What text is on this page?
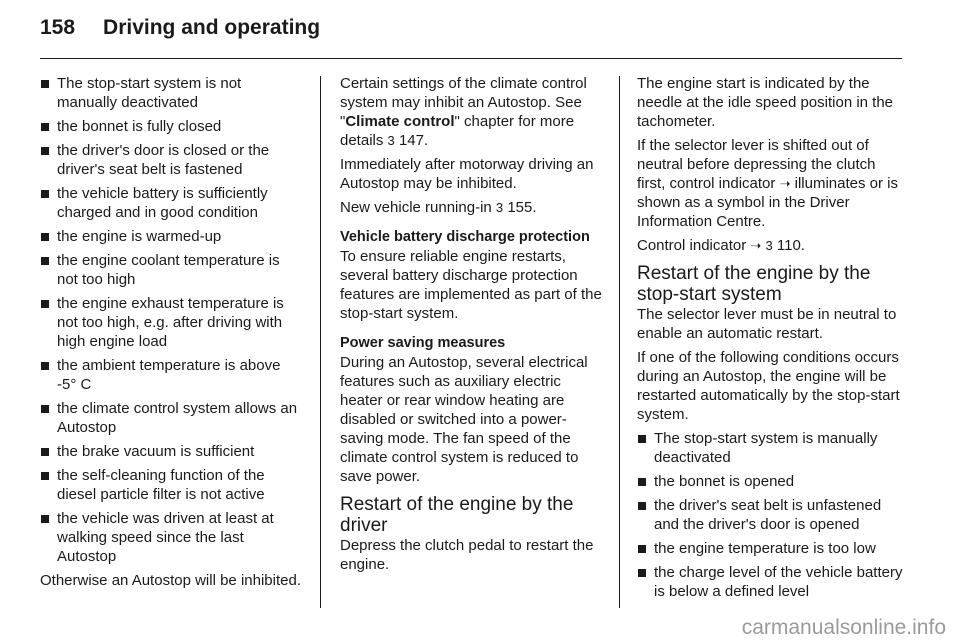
158 Driving and operating
The stop-start system is not manually deactivated
the bonnet is fully closed
the driver's door is closed or the driver's seat belt is fastened
the vehicle battery is sufficiently charged and in good condition
the engine is warmed-up
the engine coolant temperature is not too high
the engine exhaust temperature is not too high, e.g. after driving with high engine load
the ambient temperature is above -5° C
the climate control system allows an Autostop
the brake vacuum is sufficient
the self-cleaning function of the diesel particle filter is not active
the vehicle was driven at least at walking speed since the last Autostop
Otherwise an Autostop will be inhibited.
Certain settings of the climate control system may inhibit an Autostop. See "Climate control" chapter for more details 3 147.
Immediately after motorway driving an Autostop may be inhibited.
New vehicle running-in 3 155.
Vehicle battery discharge protection
To ensure reliable engine restarts, several battery discharge protection features are implemented as part of the stop-start system.
Power saving measures
During an Autostop, several electrical features such as auxiliary electric heater or rear window heating are disabled or switched into a power-saving mode. The fan speed of the climate control system is reduced to save power.
Restart of the engine by the driver
Depress the clutch pedal to restart the engine.
The engine start is indicated by the needle at the idle speed position in the tachometer.
If the selector lever is shifted out of neutral before depressing the clutch first, control indicator ➝ illuminates or is shown as a symbol in the Driver Information Centre.
Control indicator ➝ 3 110.
Restart of the engine by the stop-start system
The selector lever must be in neutral to enable an automatic restart.
If one of the following conditions occurs during an Autostop, the engine will be restarted automatically by the stop-start system.
The stop-start system is manually deactivated
the bonnet is opened
the driver's seat belt is unfastened and the driver's door is opened
the engine temperature is too low
the charge level of the vehicle battery is below a defined level
carmanualsonline.info
